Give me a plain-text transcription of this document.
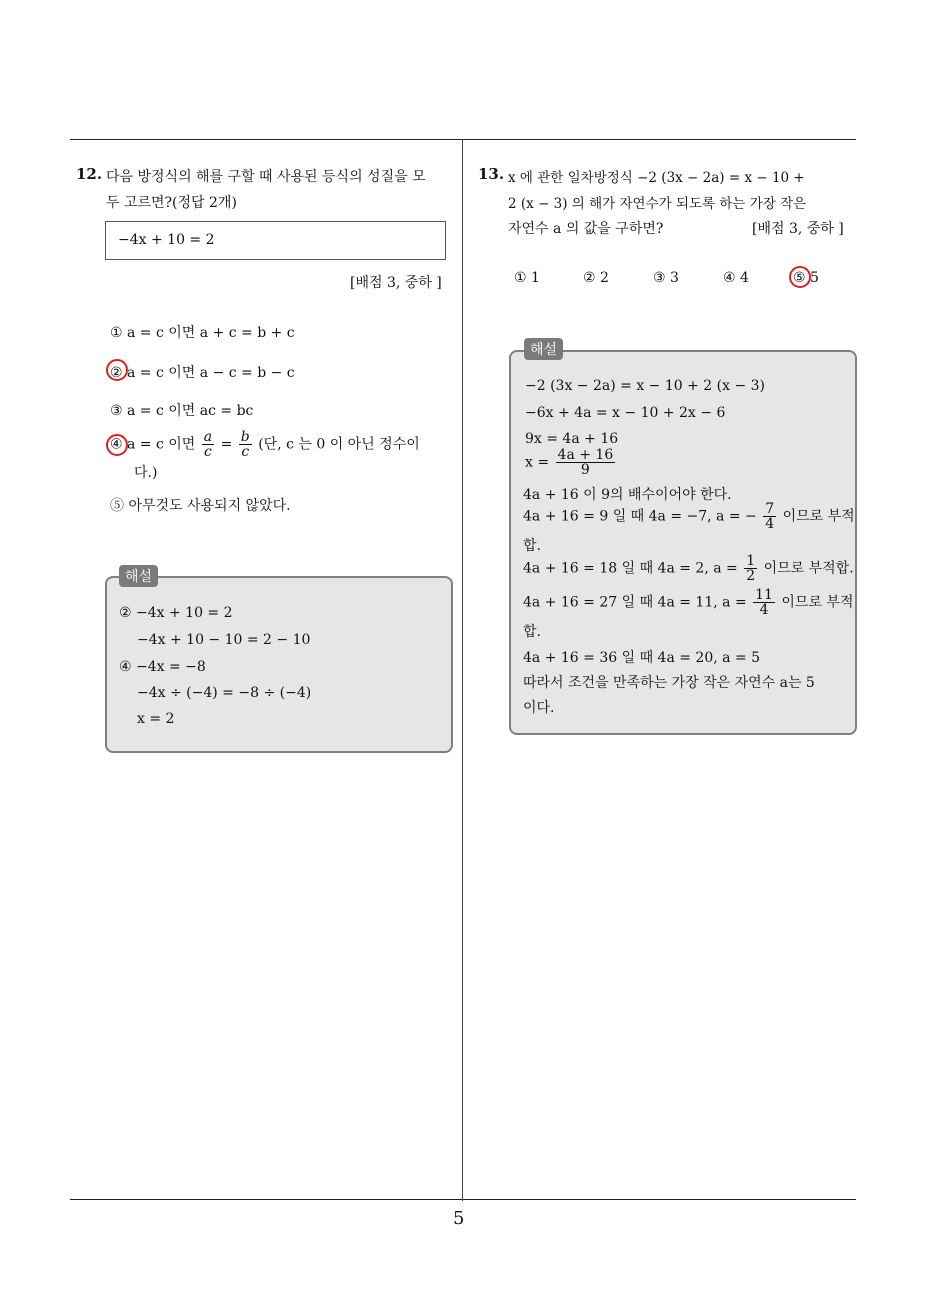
12. 다음 방정식의 해를 구할 때 사용된 등식의 성질을 모
두 고르면?(정답 2개)
−4x + 10 = 2
[배점 3, 중하 ]
① a = c 이면 a + c = b + c
② a = c 이면 a − c = b − c
③ a = c 이면 ac = bc
④ a = c 이면 $\frac{a}{c} = \frac{b}{c}$ (단, c 는 0 이 아닌 정수이
다.)
⑤ 아무것도 사용되지 않았다.
② −4x + 10 = 2
−4x + 10 − 10 = 2 − 10
④ −4x = −8
−4x ÷ (−4) = −8 ÷ (−4)
x = 2
해설
13. x 에 관한 일차방정식 −2 (3x − 2a) = x − 10 +
2 (x − 3) 의 해가 자연수가 되도록 하는 가장 작은
자연수 a 의 값을 구하면?	[배점 3, 중하 ]
① 1	② 2	③ 3	④ 4	⑤ 5
−2 (3x − 2a) = x − 10 + 2 (x − 3)
−6x + 4a = x − 10 + 2x − 6
9x = 4a + 16
$x = \frac{4a + 16}{9}$
4a + 16 이 9의 배수이어야 한다.
4a + 16 = 9 일 때 4a = −7, a = − $\frac{7}{4}$ 이므로 부적
합.
4a + 16 = 18 일 때 4a = 2, $a = \frac{1}{2}$ 이므로 부적합.
4a + 16 = 27 일 때 4a = 11, $a = \frac{11}{4}$ 이므로 부적
합.
4a + 16 = 36 일 때 4a = 20, a = 5
따라서 조건을 만족하는 가장 작은 자연수 a는 5
이다.
해설
5
